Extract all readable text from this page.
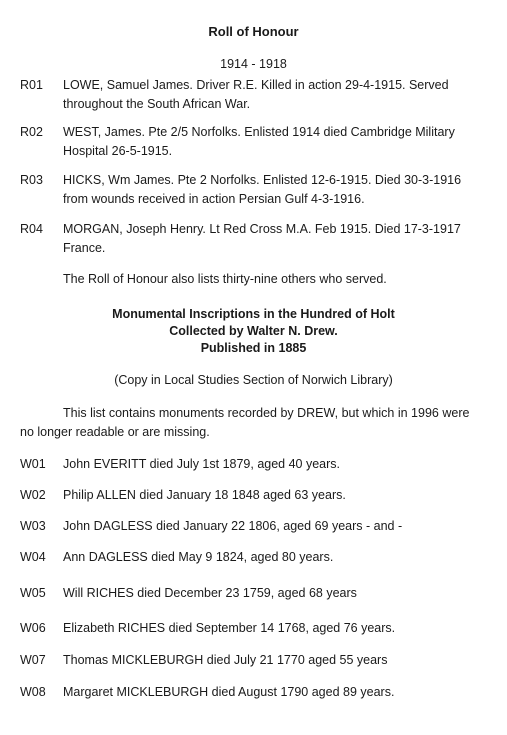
Roll of Honour
1914 - 1918
R01	LOWE, Samuel James. Driver R.E. Killed in action 29-4-1915. Served throughout the South African War.
R02	WEST, James. Pte 2/5 Norfolks. Enlisted 1914 died Cambridge Military Hospital 26-5-1915.
R03	HICKS, Wm James. Pte 2 Norfolks. Enlisted 12-6-1915. Died 30-3-1916 from wounds received in action Persian Gulf 4-3-1916.
R04	MORGAN, Joseph Henry. Lt Red Cross M.A. Feb 1915. Died 17-3-1917 France.
The Roll of Honour also lists thirty-nine others who served.
Monumental Inscriptions in the Hundred of Holt
Collected by Walter N. Drew.
Published in 1885
(Copy in Local Studies Section of Norwich Library)
This list contains monuments recorded by DREW, but which in 1996 were no longer readable or are missing.
W01	John EVERITT died July 1st 1879, aged 40 years.
W02	Philip ALLEN died January 18 1848 aged 63 years.
W03	John DAGLESS died January 22 1806, aged 69 years - and -
W04	Ann DAGLESS died May 9 1824, aged 80 years.
W05	Will RICHES died December 23 1759, aged 68 years
W06	Elizabeth RICHES died September 14 1768, aged 76 years.
W07	Thomas MICKLEBURGH died July 21 1770 aged 55 years
W08	Margaret MICKLEBURGH died August 1790 aged 89 years.
